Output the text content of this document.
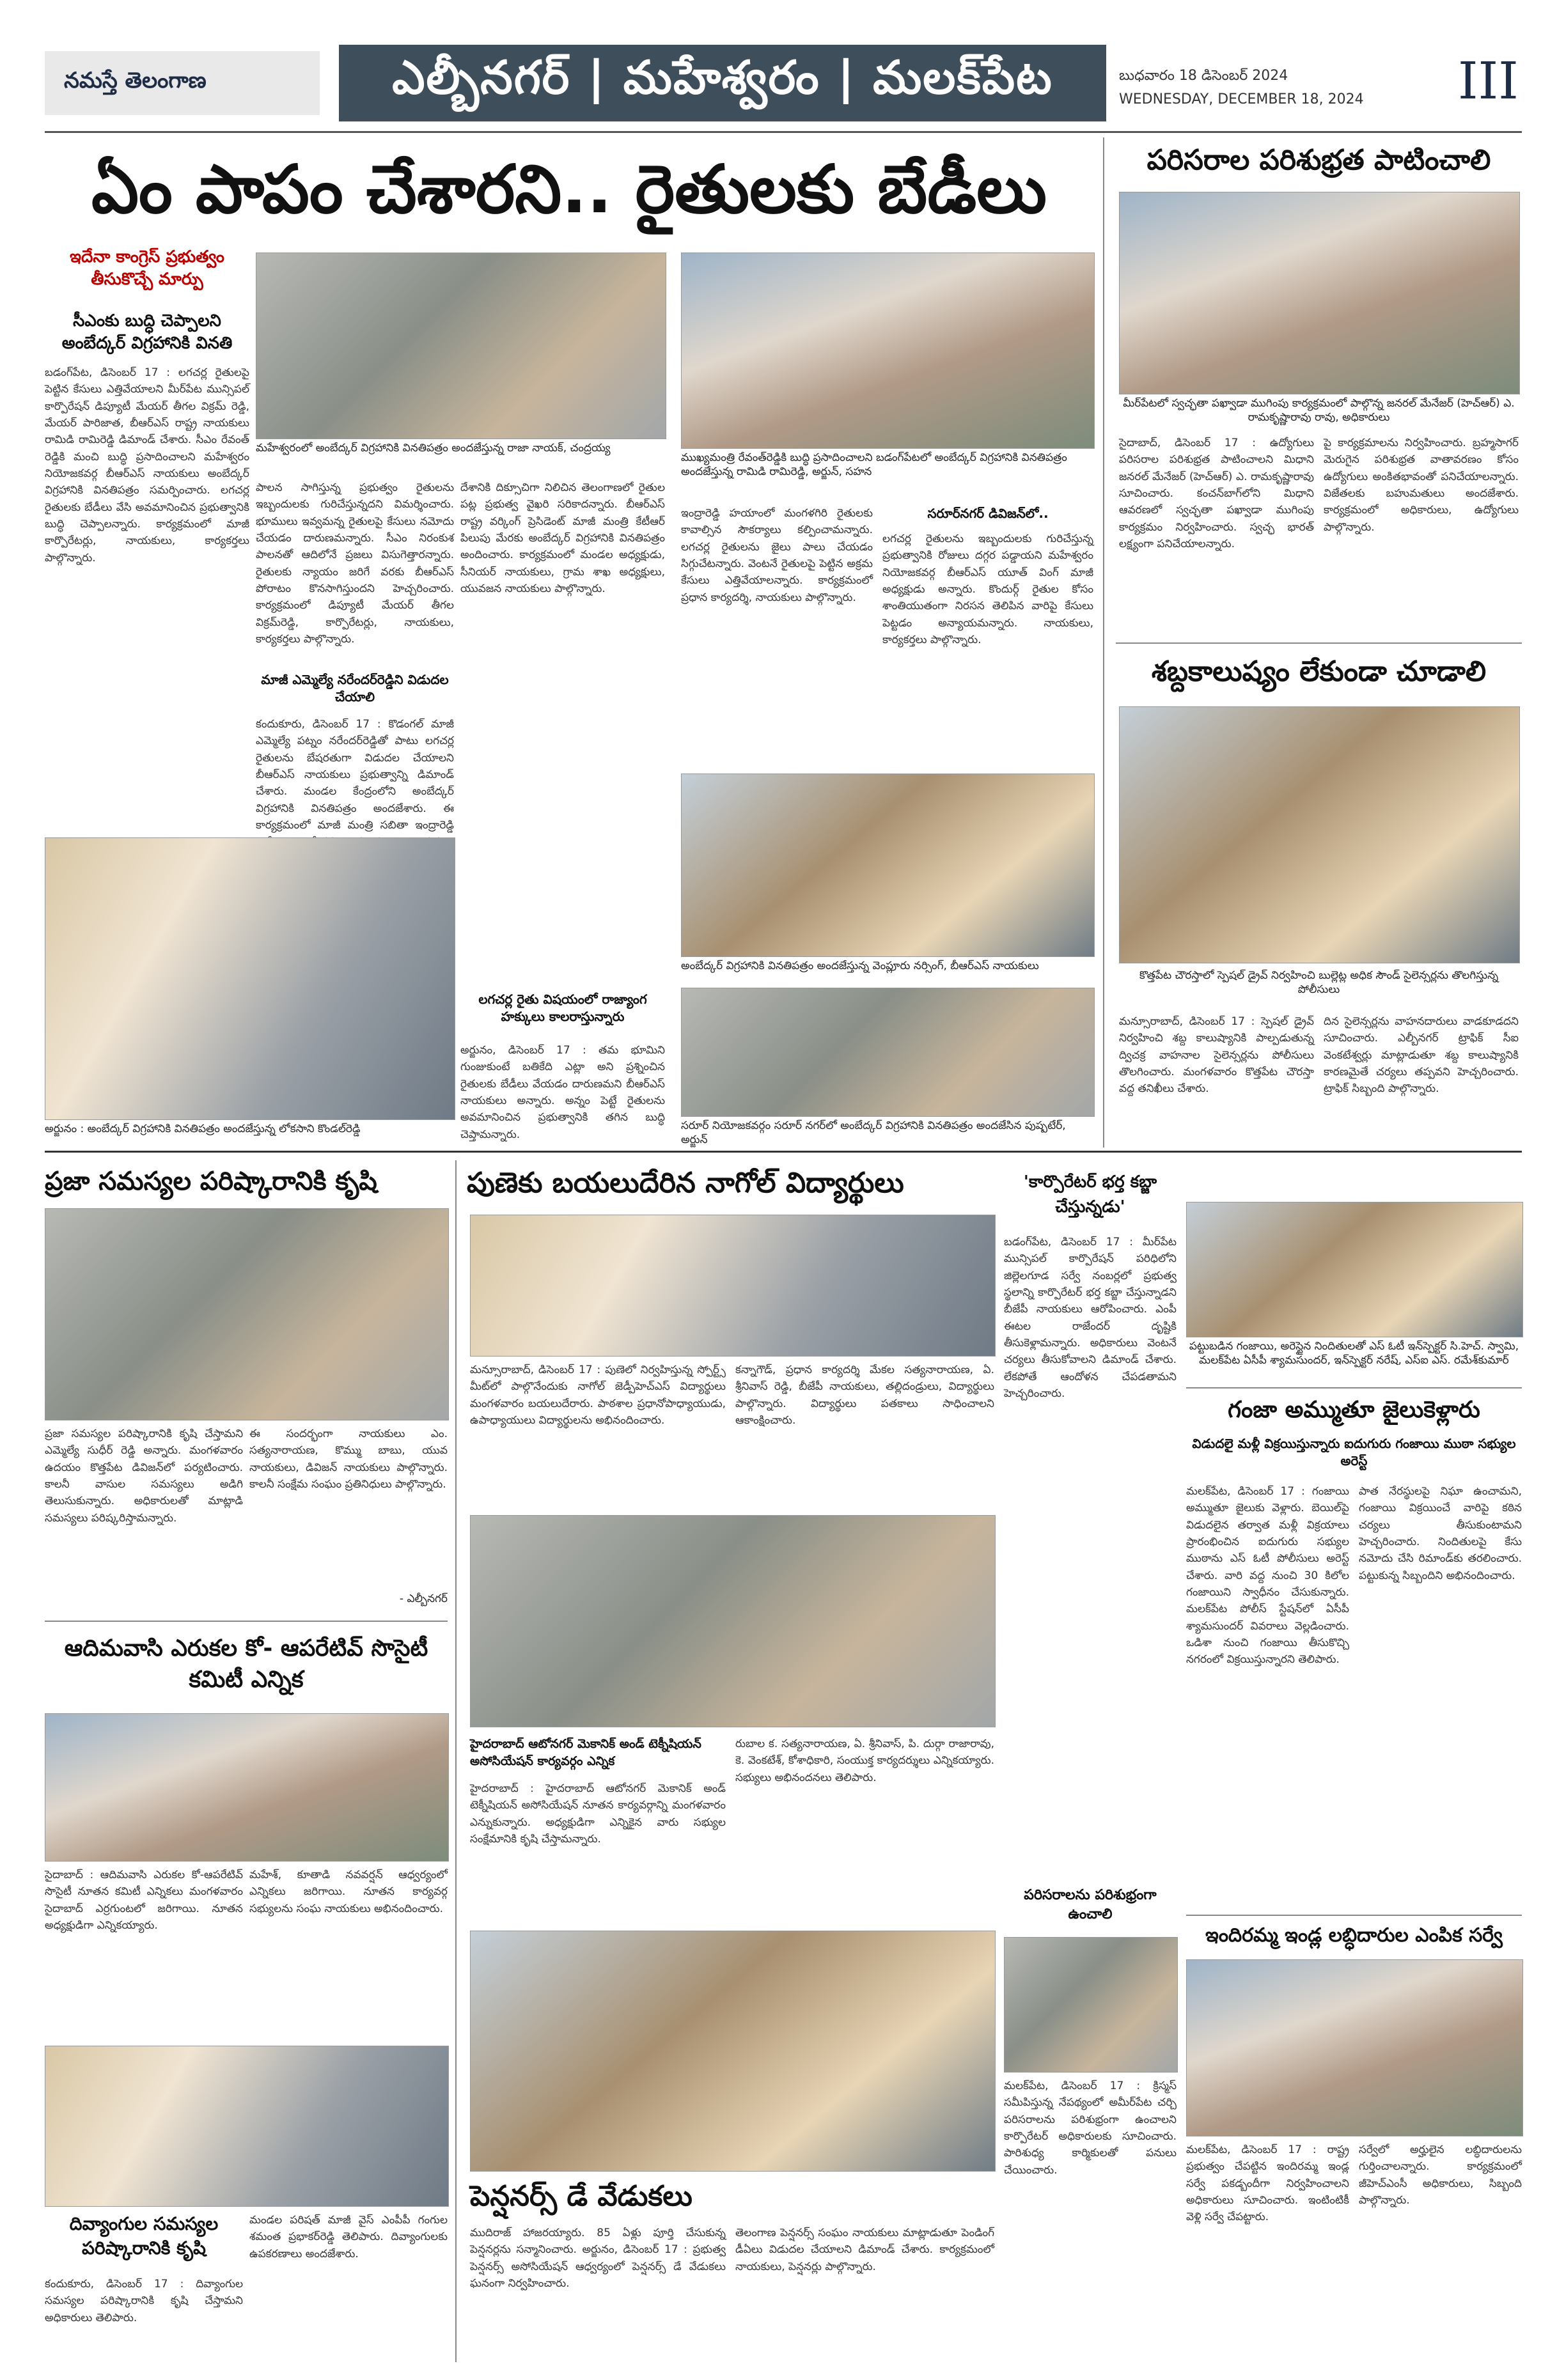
నమస్తే తెలంగాణ	ఎల్బీనగర్ | మహేశ్వరం | మలక్‌పేట	బుధవారం 18 డిసెంబర్ 2024
WEDNESDAY, DECEMBER 18, 2024 III
ఏం పాపం చేశారని.. రైతులకు బేడీలు
ఇదేనా కాంగ్రెస్ ప్రభుత్వం తీసుకొచ్చే మార్పు
సీఎంకు బుద్ధి చెప్పాలని అంబేద్కర్ విగ్రహానికి వినతి
బడంగ్‌పేట, డిసెంబర్ 17 : లగచర్ల రైతులపై పెట్టిన కేసులు ఎత్తివేయాలని మీర్‌పేట మున్సిపల్ కార్పొరేషన్ డిప్యూటీ మేయర్ తీగల విక్రమ్ రెడ్డి, మేయర్ పారిజాత, బీఆర్ఎస్ రాష్ట్ర నాయకులు రామిడి రామిరెడ్డి డిమాండ్ చేశారు. సీఎం రేవంత్ రెడ్డికి మంచి బుద్ధి ప్రసాదించాలని మహేశ్వరం నియోజకవర్గ బీఆర్ఎస్ నాయకులు అంబేద్కర్ విగ్రహానికి వినతిపత్రం సమర్పించారు. లగచర్ల రైతులకు బేడీలు వేసి అవమానించిన ప్రభుత్వానికి బుద్ధి చెప్పాలన్నారు. కార్యక్రమంలో మాజీ కార్పొరేటర్లు, నాయకులు, కార్యకర్తలు పాల్గొన్నారు.
మహేశ్వరంలో అంబేద్కర్ విగ్రహానికి వినతిపత్రం అందజేస్తున్న రాజా నాయక్, చంద్రయ్య
ముఖ్యమంత్రి రేవంత్‌రెడ్డికి బుద్ధి ప్రసాదించాలని బడంగ్‌పేటలో అంబేద్కర్ విగ్రహానికి వినతిపత్రం అందజేస్తున్న రామిడి రామిరెడ్డి, అర్జున్, సహన
పాలన సాగిస్తున్న ప్రభుత్వం రైతులను ఇబ్బందులకు గురిచేస్తున్నదని విమర్శించారు. భూములు ఇవ్వమన్న రైతులపై కేసులు నమోదు చేయడం దారుణమన్నారు. సీఎం నిరంకుశ పాలనతో ఆదిలోనే ప్రజలు విసుగెత్తారన్నారు. రైతులకు న్యాయం జరిగే వరకు బీఆర్ఎస్ పోరాటం కొనసాగిస్తుందని హెచ్చరించారు. కార్యక్రమంలో డిప్యూటీ మేయర్ తీగల విక్రమ్‌రెడ్డి, కార్పొరేటర్లు, నాయకులు, కార్యకర్తలు పాల్గొన్నారు.
మాజీ ఎమ్మెల్యే నరేందర్‌రెడ్డిని విడుదల చేయాలి
కందుకూరు, డిసెంబర్ 17 : కొడంగల్ మాజీ ఎమ్మెల్యే పట్నం నరేందర్‌రెడ్డితో పాటు లగచర్ల రైతులను బేషరతుగా విడుదల చేయాలని బీఆర్ఎస్ నాయకులు ప్రభుత్వాన్ని డిమాండ్ చేశారు. మండల కేంద్రంలోని అంబేద్కర్ విగ్రహానికి వినతిపత్రం అందజేశారు. ఈ కార్యక్రమంలో మాజీ మంత్రి సబితా ఇంద్రారెడ్డి
దేశానికి దిక్సూచిగా నిలిచిన తెలంగాణలో రైతుల పట్ల ప్రభుత్వ వైఖరి సరికాదన్నారు. బీఆర్ఎస్ రాష్ట్ర వర్కింగ్ ప్రెసిడెంట్ మాజీ మంత్రి కేటీఆర్ పిలుపు మేరకు అంబేద్కర్ విగ్రహానికి వినతిపత్రం అందించారు. కార్యక్రమంలో మండల అధ్యక్షుడు, సీనియర్ నాయకులు, గ్రామ శాఖ అధ్యక్షులు, యువజన నాయకులు పాల్గొన్నారు.
ఇంద్రారెడ్డి హయాంలో మంగళగిరి రైతులకు కావాల్సిన సౌకర్యాలు కల్పించామన్నారు. లగచర్ల రైతులను జైలు పాలు చేయడం సిగ్గుచేటన్నారు. వెంటనే రైతులపై పెట్టిన అక్రమ కేసులు ఎత్తివేయాలన్నారు. కార్యక్రమంలో ప్రధాన కార్యదర్శి, నాయకులు పాల్గొన్నారు.
సరూర్‌నగర్ డివిజన్‌లో..
లగచర్ల రైతులను ఇబ్బందులకు గురిచేస్తున్న ప్రభుత్వానికి రోజులు దగ్గర పడ్డాయని మహేశ్వరం నియోజకవర్గ బీఆర్ఎస్ యూత్ వింగ్ మాజీ అధ్యక్షుడు అన్నారు. కొందుర్గ్ రైతుల కోసం శాంతియుతంగా నిరసన తెలిపిన వారిపై కేసులు పెట్టడం అన్యాయమన్నారు. నాయకులు, కార్యకర్తలు పాల్గొన్నారు.
అర్జునం : అంబేద్కర్ విగ్రహానికి వినతిపత్రం అందజేస్తున్న లోకసాని కొండల్‌రెడ్డి
అంబేద్కర్ విగ్రహానికి వినతిపత్రం అందజేస్తున్న వెంప్లూరు నర్సింగ్, బీఆర్ఎస్ నాయకులు
లగచర్ల రైతు విషయంలో రాజ్యాంగ హక్కులు కాలరాస్తున్నారు
అర్జునం, డిసెంబర్ 17 : తమ భూమిని గుంజుకుంటే బతికేది ఎట్లా అని ప్రశ్నించిన రైతులకు బేడీలు వేయడం దారుణమని బీఆర్ఎస్ నాయకులు అన్నారు. అన్నం పెట్టే రైతులను అవమానించిన ప్రభుత్వానికి తగిన బుద్ధి చెప్తామన్నారు.
సరూర్ నియోజకవర్గం సరూర్ నగర్‌లో అంబేద్కర్ విగ్రహానికి వినతిపత్రం అందజేసిన పుష్పటేర్, అర్జున్
పరిసరాల పరిశుభ్రత పాటించాలి
మీర్‌పేటలో స్వచ్ఛతా పఖ్వాడా ముగింపు కార్యక్రమంలో పాల్గొన్న జనరల్ మేనేజర్ (హెచ్‌ఆర్) ఎ. రామకృష్ణారావు రావు, అధికారులు
సైదాబాద్, డిసెంబర్ 17 : ఉద్యోగులు పరిసరాల పరిశుభ్రత పాటించాలని మిధాని జనరల్ మేనేజర్ (హెచ్‌ఆర్) ఎ. రామకృష్ణారావు సూచించారు. కంచన్‌బాగ్‌లోని మిధాని ఆవరణలో స్వచ్ఛతా పఖ్వాడా ముగింపు కార్యక్రమం నిర్వహించారు. స్వచ్ఛ భారత్ లక్ష్యంగా పనిచేయాలన్నారు.
పై కార్యక్రమాలను నిర్వహించారు. బ్రహ్మసాగర్ మెరుగైన పరిశుభ్రత వాతావరణం కోసం ఉద్యోగులు అంకితభావంతో పనిచేయాలన్నారు. విజేతలకు బహుమతులు అందజేశారు. కార్యక్రమంలో అధికారులు, ఉద్యోగులు పాల్గొన్నారు.
శబ్దకాలుష్యం లేకుండా చూడాలి
కొత్తపేట చౌరస్తాలో స్పెషల్ డ్రైవ్ నిర్వహించి బుల్లెట్ల అధిక సౌండ్ సైలెన్సర్లను తొలగిస్తున్న పోలీసులు
మన్సూరాబాద్, డిసెంబర్ 17 : స్పెషల్ డ్రైవ్ నిర్వహించి శబ్ద కాలుష్యానికి పాల్పడుతున్న ద్విచక్ర వాహనాల సైలెన్సర్లను పోలీసులు తొలగించారు. మంగళవారం కొత్తపేట చౌరస్తా వద్ద తనిఖీలు చేశారు.
దిన సైలెన్సర్లను వాహనదారులు వాడకూడదని సూచించారు. ఎల్బీనగర్ ట్రాఫిక్ సీఐ వెంకటేశ్వర్లు మాట్లాడుతూ శబ్ద కాలుష్యానికి కారణమైతే చర్యలు తప్పవని హెచ్చరించారు. ట్రాఫిక్ సిబ్బంది పాల్గొన్నారు.
ప్రజా సమస్యల పరిష్కారానికి కృషి
ప్రజా సమస్యల పరిష్కారానికి కృషి చేస్తామని ఎమ్మెల్యే సుధీర్ రెడ్డి అన్నారు. మంగళవారం ఉదయం కొత్తపేట డివిజన్‌లో పర్యటించారు. కాలనీ వాసుల సమస్యలు అడిగి తెలుసుకున్నారు. అధికారులతో మాట్లాడి సమస్యలు పరిష్కరిస్తామన్నారు.
ఈ సందర్భంగా నాయకులు ఎం. సత్యనారాయణ, కొమ్ము బాబు, యువ నాయకులు, డివిజన్ నాయకులు పాల్గొన్నారు. కాలనీ సంక్షేమ సంఘం ప్రతినిధులు పాల్గొన్నారు.
- ఎల్బీనగర్
పుణెకు బయలుదేరిన నాగోల్ విద్యార్థులు
మన్సూరాబాద్, డిసెంబర్ 17 : పుణెలో నిర్వహిస్తున్న స్పోర్ట్స్ మీట్‌లో పాల్గొనేందుకు నాగోల్ జెడ్పీహెచ్‌ఎస్ విద్యార్థులు మంగళవారం బయలుదేరారు. పాఠశాల ప్రధానోపాధ్యాయుడు, ఉపాధ్యాయులు విద్యార్థులను అభినందించారు.
కన్నాగౌడ్, ప్రధాన కార్యదర్శి మేకల సత్యనారాయణ, ఏ. శ్రీనివాస్ రెడ్డి, బీజేపీ నాయకులు, తల్లిదండ్రులు, విద్యార్థులు పాల్గొన్నారు. విద్యార్థులు పతకాలు సాధించాలని ఆకాంక్షించారు.
'కార్పొరేటర్ భర్త కబ్జా చేస్తున్నడు'
బడంగ్‌పేట, డిసెంబర్ 17 : మీర్‌పేట మున్సిపల్ కార్పొరేషన్ పరిధిలోని జిల్లెలగూడ సర్వే నంబర్లలో ప్రభుత్వ స్థలాన్ని కార్పొరేటర్ భర్త కబ్జా చేస్తున్నాడని బీజేపీ నాయకులు ఆరోపించారు. ఎంపీ ఈటల రాజేందర్ దృష్టికి తీసుకెళ్లామన్నారు. అధికారులు వెంటనే చర్యలు తీసుకోవాలని డిమాండ్ చేశారు. లేకపోతే ఆందోళన చేపడతామని హెచ్చరించారు.
పట్టుబడిన గంజాయి, అరెస్టైన నిందితులతో ఎస్ ఓటీ ఇన్‌స్పెక్టర్ సి.హెచ్. స్వామి, మలక్‌పేట ఏసీపీ శ్యామసుందర్, ఇన్‌స్పెక్టర్ నరేష్, ఎస్‌ఐ ఎస్. రమేశ్‌కుమార్
గంజా అమ్ముతూ జైలుకెళ్లారు
విడుదలై మళ్లీ విక్రయిస్తున్నారు ఐదుగురు గంజాయి ముఠా సభ్యుల అరెస్ట్
మలక్‌పేట, డిసెంబర్ 17 : గంజాయి అమ్ముతూ జైలుకు వెళ్లారు. బెయిల్‌పై విడుదలైన తర్వాత మళ్లీ విక్రయాలు ప్రారంభించిన ఐదుగురు సభ్యుల ముఠాను ఎస్ ఓటీ పోలీసులు అరెస్ట్ చేశారు. వారి వద్ద నుంచి 30 కిలోల గంజాయిని స్వాధీనం చేసుకున్నారు. మలక్‌పేట పోలీస్ స్టేషన్‌లో ఏసీపీ శ్యామసుందర్ వివరాలు వెల్లడించారు. ఒడిశా నుంచి గంజాయి తీసుకొచ్చి నగరంలో విక్రయిస్తున్నారని తెలిపారు.
పాత నేరస్థులపై నిఘా ఉంచామని, గంజాయి విక్రయించే వారిపై కఠిన చర్యలు తీసుకుంటామని హెచ్చరించారు. నిందితులపై కేసు నమోదు చేసి రిమాండ్‌కు తరలించారు. పట్టుకున్న సిబ్బందిని అభినందించారు.
హైదరాబాద్ ఆటోనగర్ మెకానిక్ అండ్ టెక్నీషియన్ అసోసియేషన్ కార్యవర్గం ఎన్నిక
హైదరాబాద్ : హైదరాబాద్ ఆటోనగర్ మెకానిక్ అండ్ టెక్నీషియన్ అసోసియేషన్ నూతన కార్యవర్గాన్ని మంగళవారం ఎన్నుకున్నారు. అధ్యక్షుడిగా ఎన్నికైన వారు సభ్యుల సంక్షేమానికి కృషి చేస్తామన్నారు.
రుబాల క. సత్యనారాయణ, ఏ. శ్రీనివాస్, పి. దుర్గా రాజారావు, కె. వెంకటేశ్, కోశాధికారి, సంయుక్త కార్యదర్శులు ఎన్నికయ్యారు. సభ్యులు అభినందనలు తెలిపారు.
ఆదిమవాసి ఎరుకల కో- ఆపరేటివ్ సొసైటీ కమిటీ ఎన్నిక
సైదాబాద్ : ఆదిమవాసి ఎరుకల కో-ఆపరేటివ్ సొసైటీ నూతన కమిటీ ఎన్నికలు మంగళవారం సైదాబాద్ ఎర్రగుంటలో జరిగాయి. నూతన అధ్యక్షుడిగా ఎన్నికయ్యారు.
మహేశ్, కూతాడి నవవర్షన్ ఆధ్వర్యంలో ఎన్నికలు జరిగాయి. నూతన కార్యవర్గ సభ్యులను సంఘ నాయకులు అభినందించారు.
దివ్యాంగుల సమస్యల పరిష్కారానికి కృషి
కందుకూరు, డిసెంబర్ 17 : దివ్యాంగుల సమస్యల పరిష్కారానికి కృషి చేస్తామని అధికారులు తెలిపారు.
మండల పరిషత్ మాజీ వైస్ ఎంపీపీ గంగుల శమంత ప్రభాకర్‌రెడ్డి తెలిపారు. దివ్యాంగులకు ఉపకరణాలు అందజేశారు.
పెన్షనర్స్ డే వేడుకలు
ముదిరాజ్ హాజరయ్యారు. 85 ఏళ్లు పూర్తి చేసుకున్న పెన్షనర్లను సన్మానించారు. అర్జునం, డిసెంబర్ 17 : ప్రభుత్వ పెన్షనర్స్ అసోసియేషన్ ఆధ్వర్యంలో పెన్షనర్స్ డే వేడుకలు ఘనంగా నిర్వహించారు.
తెలంగాణ పెన్షనర్స్ సంఘం నాయకులు మాట్లాడుతూ పెండింగ్ డీఏలు విడుదల చేయాలని డిమాండ్ చేశారు. కార్యక్రమంలో నాయకులు, పెన్షనర్లు పాల్గొన్నారు.
పరిసరాలను పరిశుభ్రంగా ఉంచాలి
మలక్‌పేట, డిసెంబర్ 17 : క్రిస్మస్ సమీపిస్తున్న నేపథ్యంలో అమీర్‌పేట చర్చి పరిసరాలను పరిశుభ్రంగా ఉంచాలని కార్పొరేటర్ అధికారులకు సూచించారు. పారిశుధ్య కార్మికులతో పనులు చేయించారు.
ఇందిరమ్మ ఇండ్ల లబ్ధిదారుల ఎంపిక సర్వే
మలక్‌పేట, డిసెంబర్ 17 : రాష్ట్ర ప్రభుత్వం చేపట్టిన ఇందిరమ్మ ఇండ్ల సర్వే పకడ్బందీగా నిర్వహించాలని అధికారులు సూచించారు. ఇంటింటికీ వెళ్లి సర్వే చేపట్టారు.
సర్వేలో అర్హులైన లబ్ధిదారులను గుర్తించాలన్నారు. కార్యక్రమంలో జీహెచ్ఎంసీ అధికారులు, సిబ్బంది పాల్గొన్నారు.
